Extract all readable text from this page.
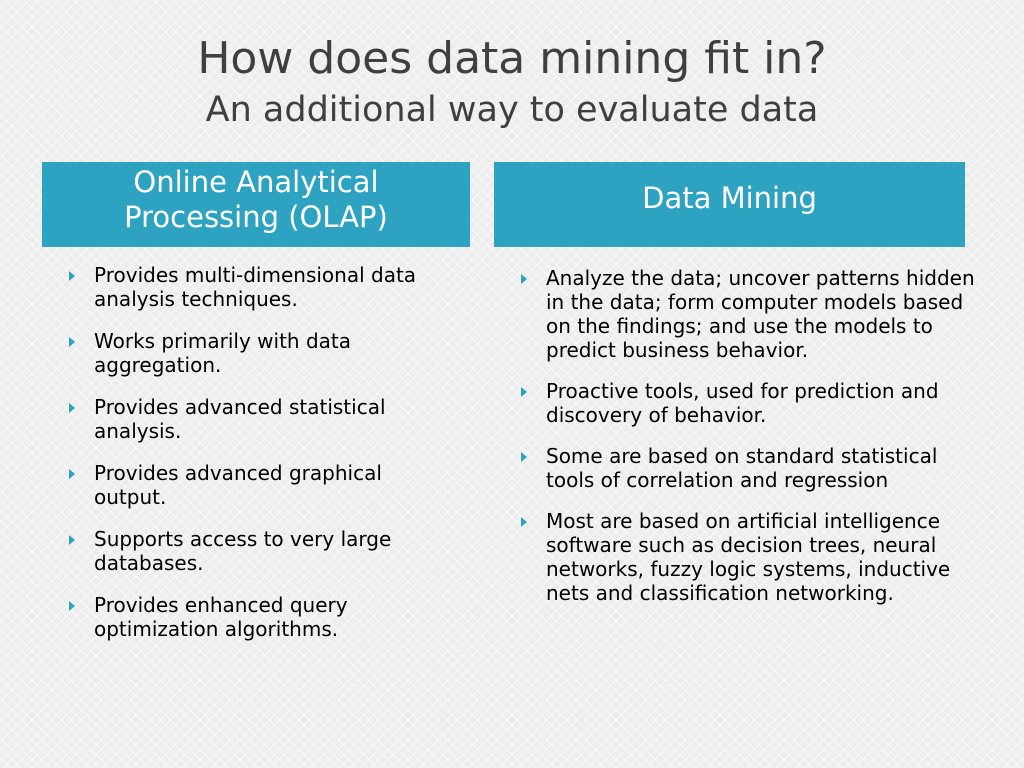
How does data mining fit in?
An additional way to evaluate data
Online Analytical Processing (OLAP)
Data Mining
Provides multi-dimensional data analysis techniques.
Works primarily with data aggregation.
Provides advanced statistical analysis.
Provides advanced graphical output.
Supports access to very large databases.
Provides enhanced query optimization algorithms.
Analyze the data; uncover patterns hidden in the data; form computer models based on the findings; and use the models to predict business behavior.
Proactive tools, used for prediction and discovery of behavior.
Some are based on standard statistical tools of correlation and regression
Most are based on artificial intelligence software such as decision trees, neural networks, fuzzy logic systems, inductive nets and classification networking.
